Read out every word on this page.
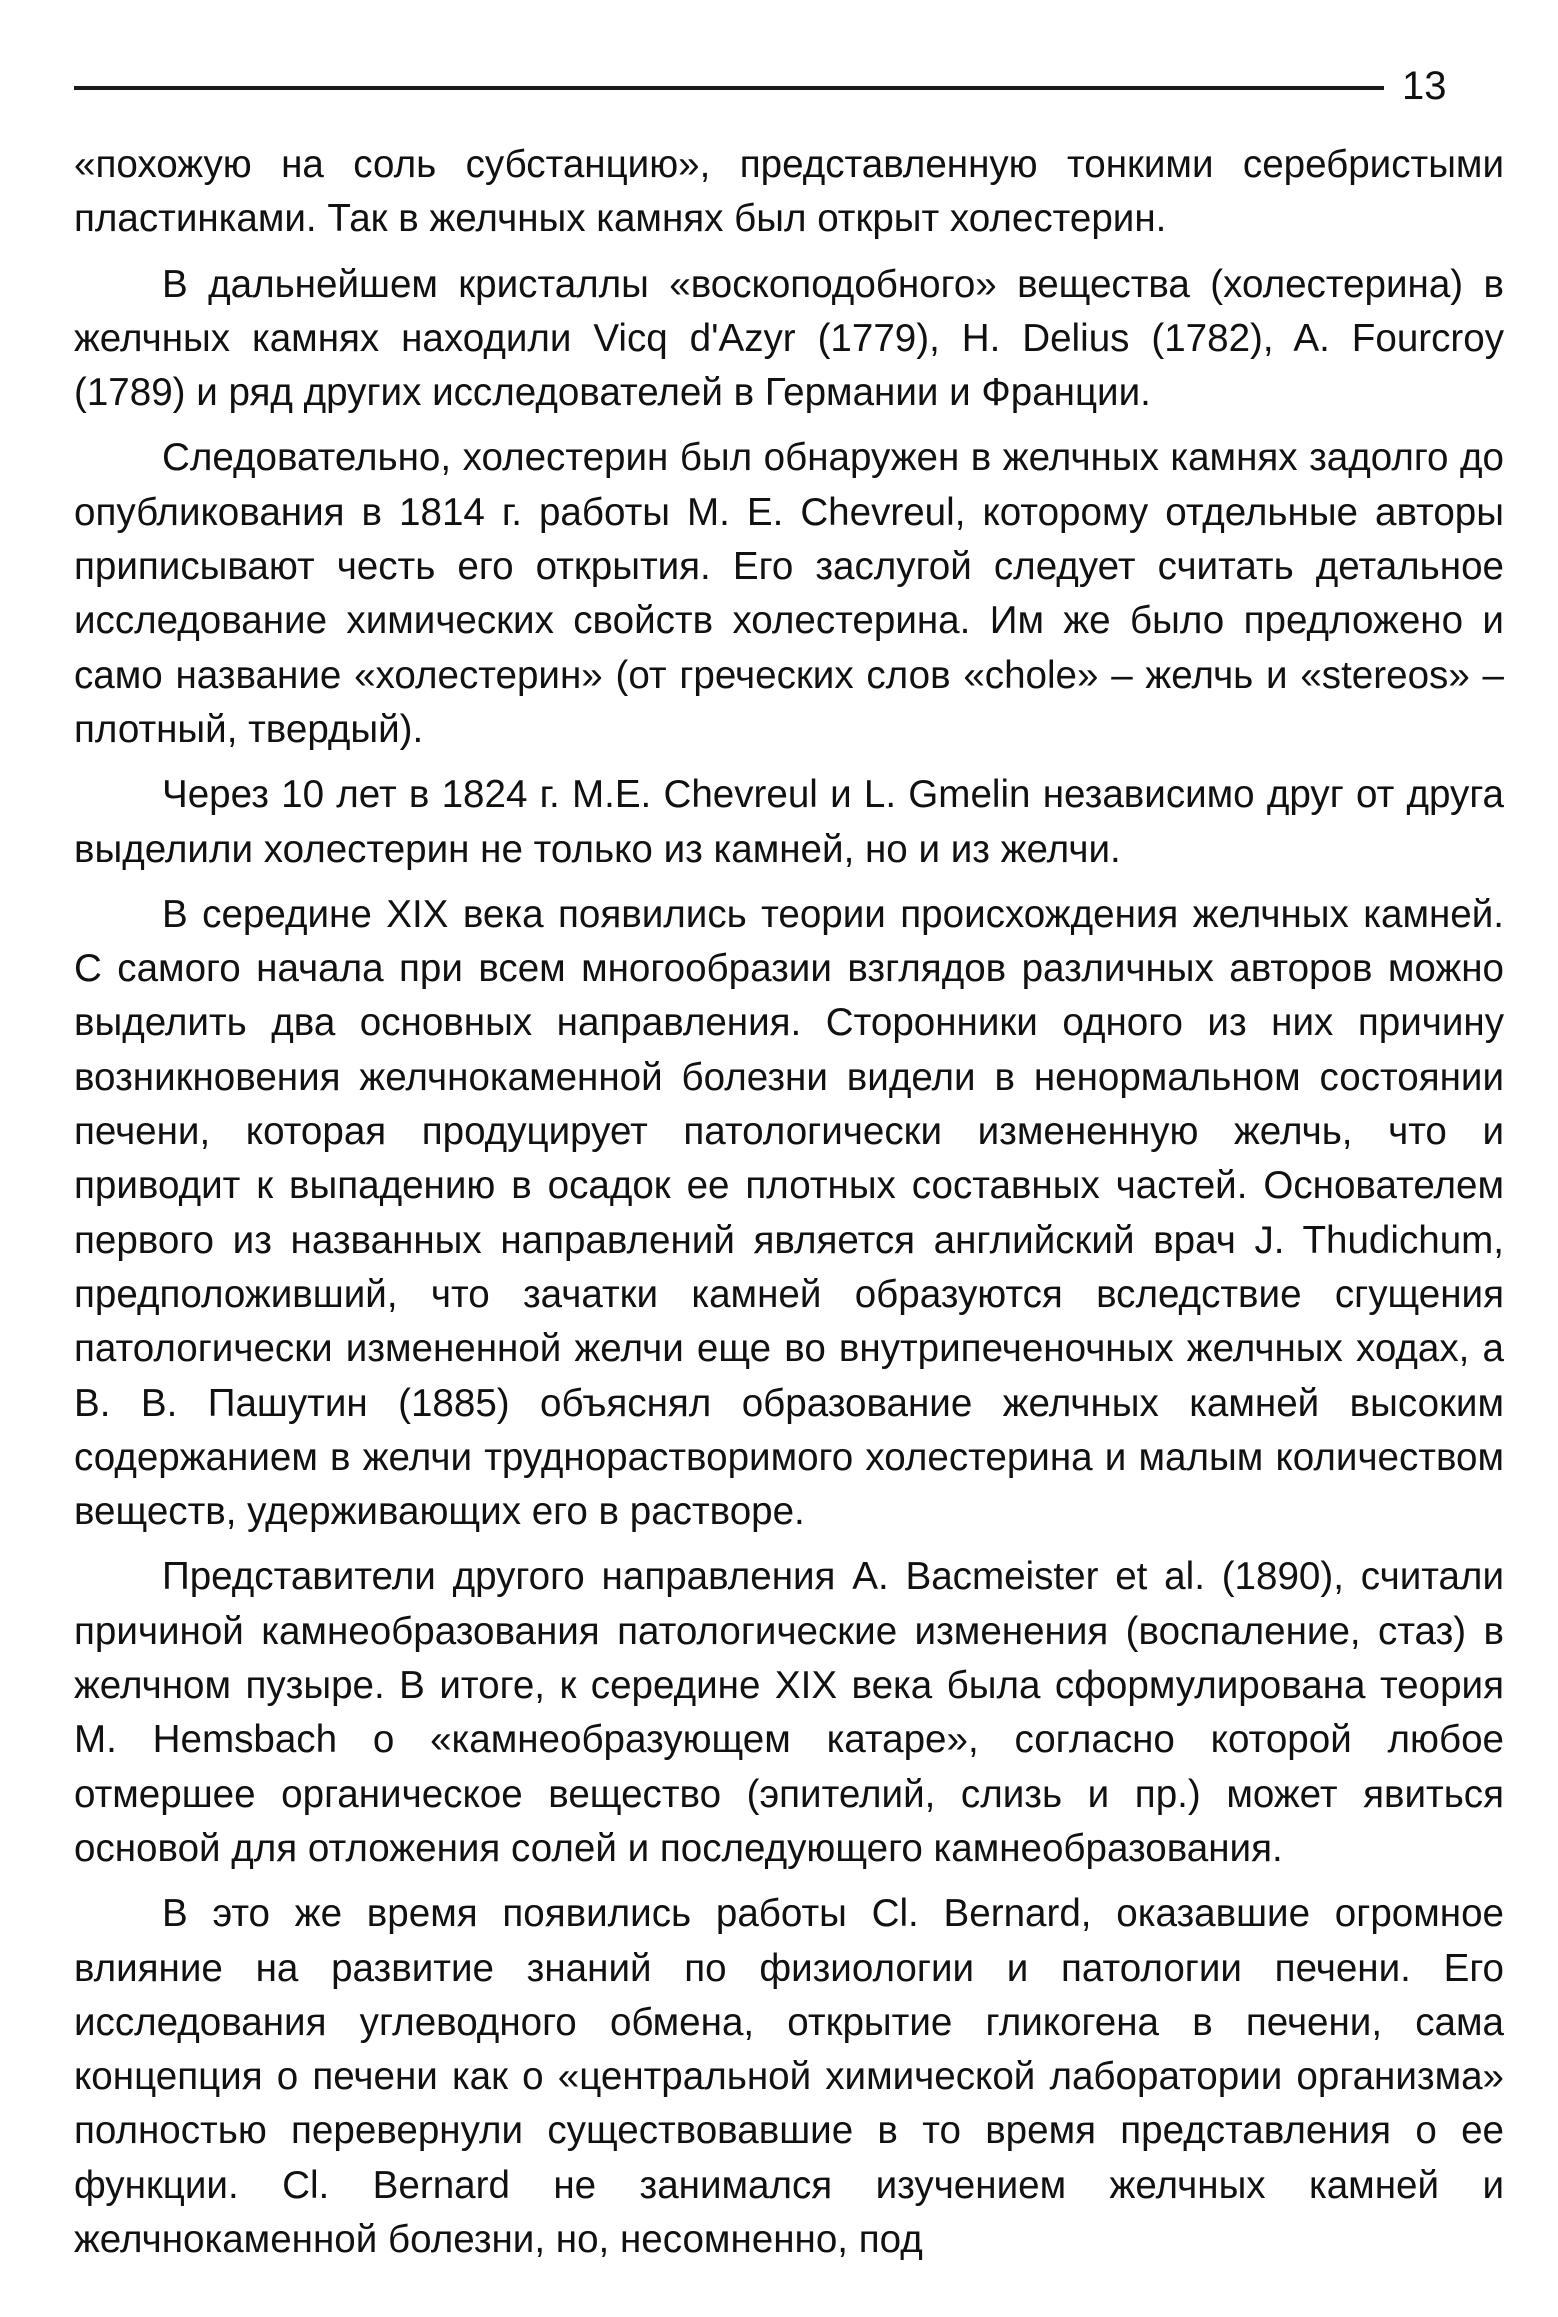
13

«похожую на соль субстанцию», представленную тонкими серебристыми пластинками. Так в желчных камнях был открыт холестерин.

В дальнейшем кристаллы «воскоподобного» вещества (холестерина) в желчных камнях находили Vicq d'Azyr (1779), H. Delius (1782), A. Fourcroy (1789) и ряд других исследователей в Германии и Франции.

Следовательно, холестерин был обнаружен в желчных камнях задолго до опубликования в 1814 г. работы M. E. Chevreul, которому отдельные авторы приписывают честь его открытия. Его заслугой следует считать детальное исследование химических свойств холестерина. Им же было предложено и само название «холестерин» (от греческих слов «chole» – желчь и «stereos» – плотный, твердый).

Через 10 лет в 1824 г. M.E. Chevreul и L. Gmelin независимо друг от друга выделили холестерин не только из камней, но и из желчи.

В середине XIX века появились теории происхождения желчных камней. С самого начала при всем многообразии взглядов различных авторов можно выделить два основных направления. Сторонники одного из них причину возникновения желчнокаменной болезни видели в ненормальном состоянии печени, которая продуцирует патологически измененную желчь, что и приводит к выпадению в осадок ее плотных составных частей. Основателем первого из названных направлений является английский врач J. Thudichum, предположивший, что зачатки камней образуются вследствие сгущения патологически измененной желчи еще во внутрипеченочных желчных ходах, а В. В. Пашутин (1885) объяснял образование желчных камней высоким содержанием в желчи труднорастворимого холестерина и малым количеством веществ, удерживающих его в растворе.

Представители другого направления A. Bacmeister et al. (1890), считали причиной камнеобразования патологические изменения (воспаление, стаз) в желчном пузыре. В итоге, к середине XIX века была сформулирована теория M. Hemsbach о «камнеобразующем катаре», согласно которой любое отмершее органическое вещество (эпителий, слизь и пр.) может явиться основой для отложения солей и последующего камнеобразования.

В это же время появились работы Cl. Bernard, оказавшие огромное влияние на развитие знаний по физиологии и патологии печени. Его исследования углеводного обмена, открытие гликогена в печени, сама концепция о печени как о «центральной химической лаборатории организма» полностью перевернули существовавшие в то время представления о ее функции. Cl. Bernard не занимался изучением желчных камней и желчнокаменной болезни, но, несомненно, под
